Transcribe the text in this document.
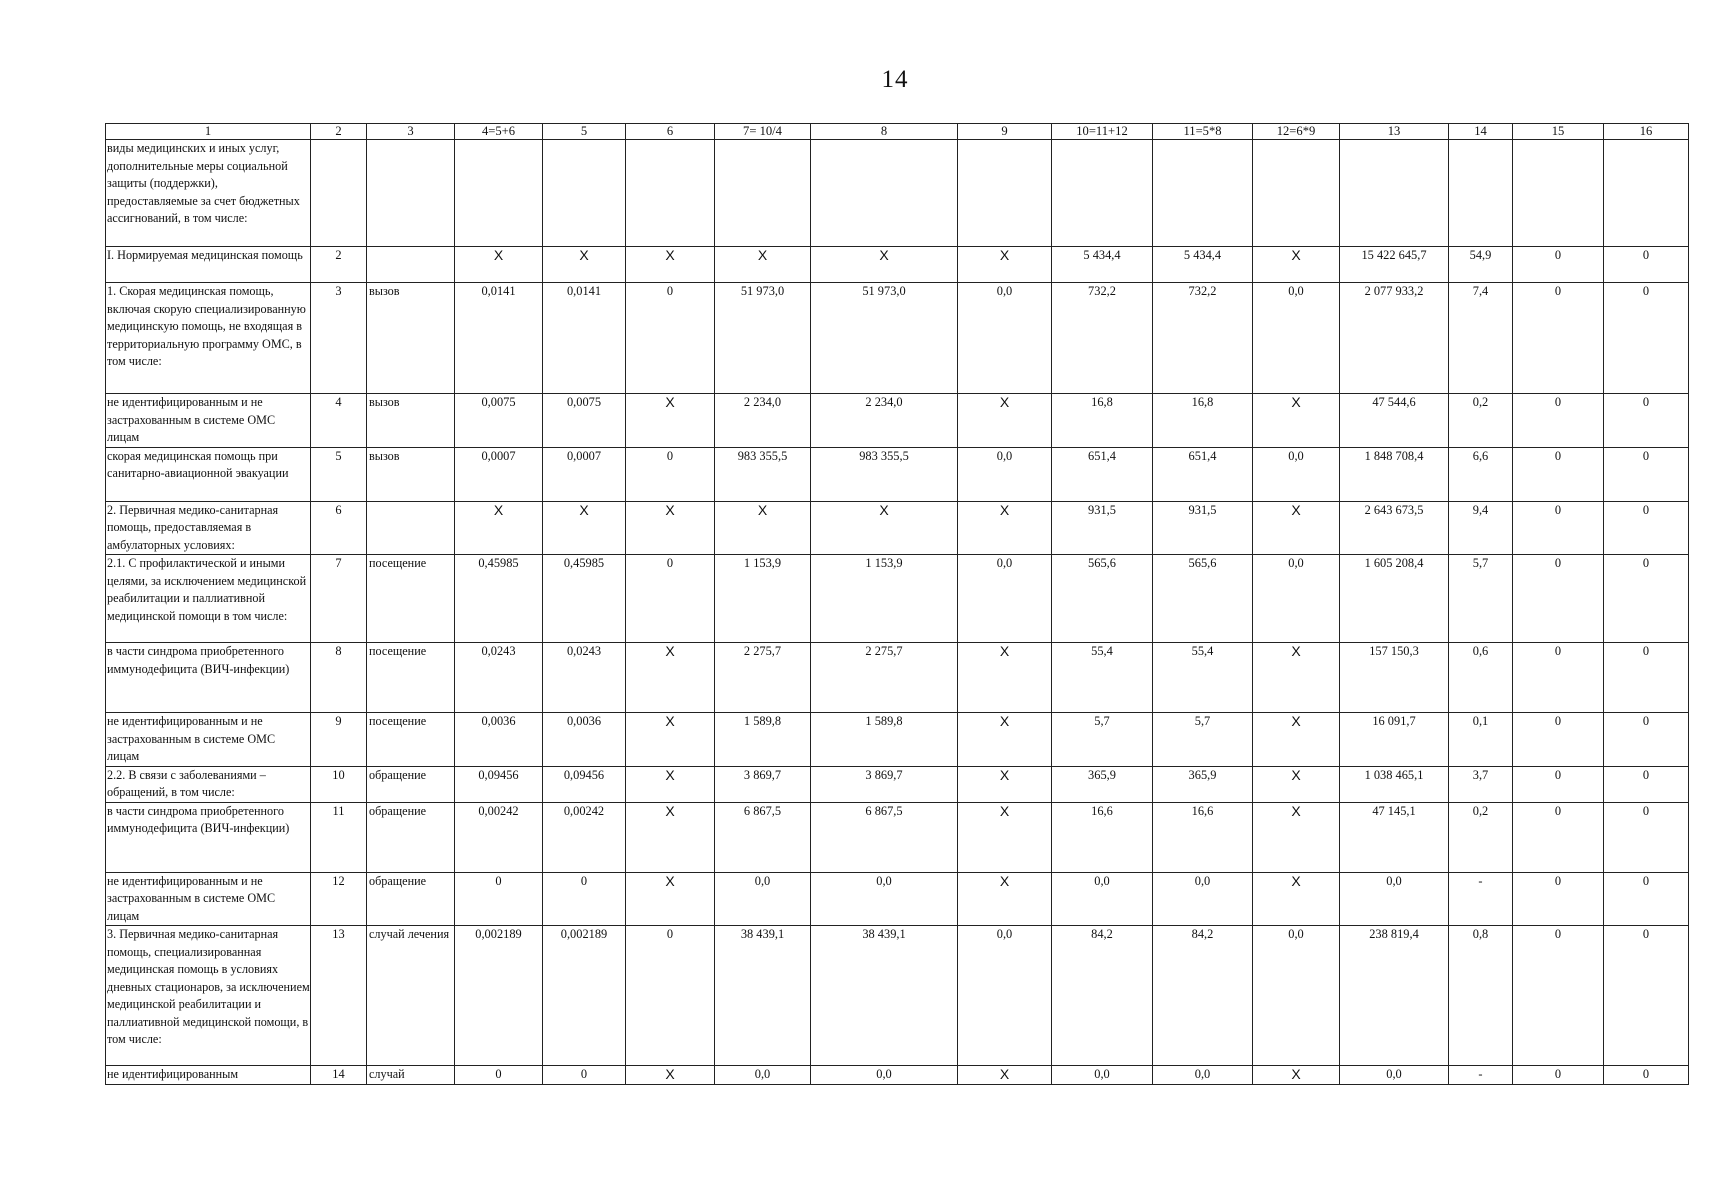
14
1	2	3	4=5+6	5	6	7= 10/4	8	9	10=11+12	11=5*8	12=6*9	13	14	15	16
виды медицинских и иных услуг, дополнительные меры социальной защиты (поддержки), предоставляемые за счет бюджетных ассигнований, в том числе:															
I. Нормируемая медицинская помощь	2		X	X	X	X	X	X	5 434,4	5 434,4	X	15 422 645,7	54,9	0	0
1. Скорая медицинская помощь, включая скорую специализированную медицинскую помощь, не входящая в территориальную программу ОМС, в том числе:	3	вызов	0,0141	0,0141	0	51 973,0	51 973,0	0,0	732,2	732,2	0,0	2 077 933,2	7,4	0	0
не идентифицированным и не застрахованным в системе ОМС лицам	4	вызов	0,0075	0,0075	X	2 234,0	2 234,0	X	16,8	16,8	X	47 544,6	0,2	0	0
скорая медицинская помощь при санитарно-авиационной эвакуации	5	вызов	0,0007	0,0007	0	983 355,5	983 355,5	0,0	651,4	651,4	0,0	1 848 708,4	6,6	0	0
2. Первичная медико-санитарная помощь, предоставляемая в амбулаторных условиях:	6		X	X	X	X	X	X	931,5	931,5	X	2 643 673,5	9,4	0	0
2.1. С профилактической и иными целями, за исключением медицинской реабилитации и паллиативной медицинской помощи в том числе:	7	посещение	0,45985	0,45985	0	1 153,9	1 153,9	0,0	565,6	565,6	0,0	1 605 208,4	5,7	0	0
в части синдрома приобретенного иммунодефицита (ВИЧ-инфекции)	8	посещение	0,0243	0,0243	X	2 275,7	2 275,7	X	55,4	55,4	X	157 150,3	0,6	0	0
не идентифицированным и не застрахованным в системе ОМС лицам	9	посещение	0,0036	0,0036	X	1 589,8	1 589,8	X	5,7	5,7	X	16 091,7	0,1	0	0
2.2. В связи с заболеваниями – обращений, в том числе:	10	обращение	0,09456	0,09456	X	3 869,7	3 869,7	X	365,9	365,9	X	1 038 465,1	3,7	0	0
в части синдрома приобретенного иммунодефицита (ВИЧ-инфекции)	11	обращение	0,00242	0,00242	X	6 867,5	6 867,5	X	16,6	16,6	X	47 145,1	0,2	0	0
не идентифицированным и не застрахованным в системе ОМС лицам	12	обращение	0	0	X	0,0	0,0	X	0,0	0,0	X	0,0	-	0	0
3. Первичная медико-санитарная помощь, специализированная медицинская помощь в условиях дневных стационаров, за исключением медицинской реабилитации и паллиативной медицинской помощи, в том числе:	13	случай лечения	0,002189	0,002189	0	38 439,1	38 439,1	0,0	84,2	84,2	0,0	238 819,4	0,8	0	0
не идентифицированным	14	случай	0	0	X	0,0	0,0	X	0,0	0,0	X	0,0	-	0	0
